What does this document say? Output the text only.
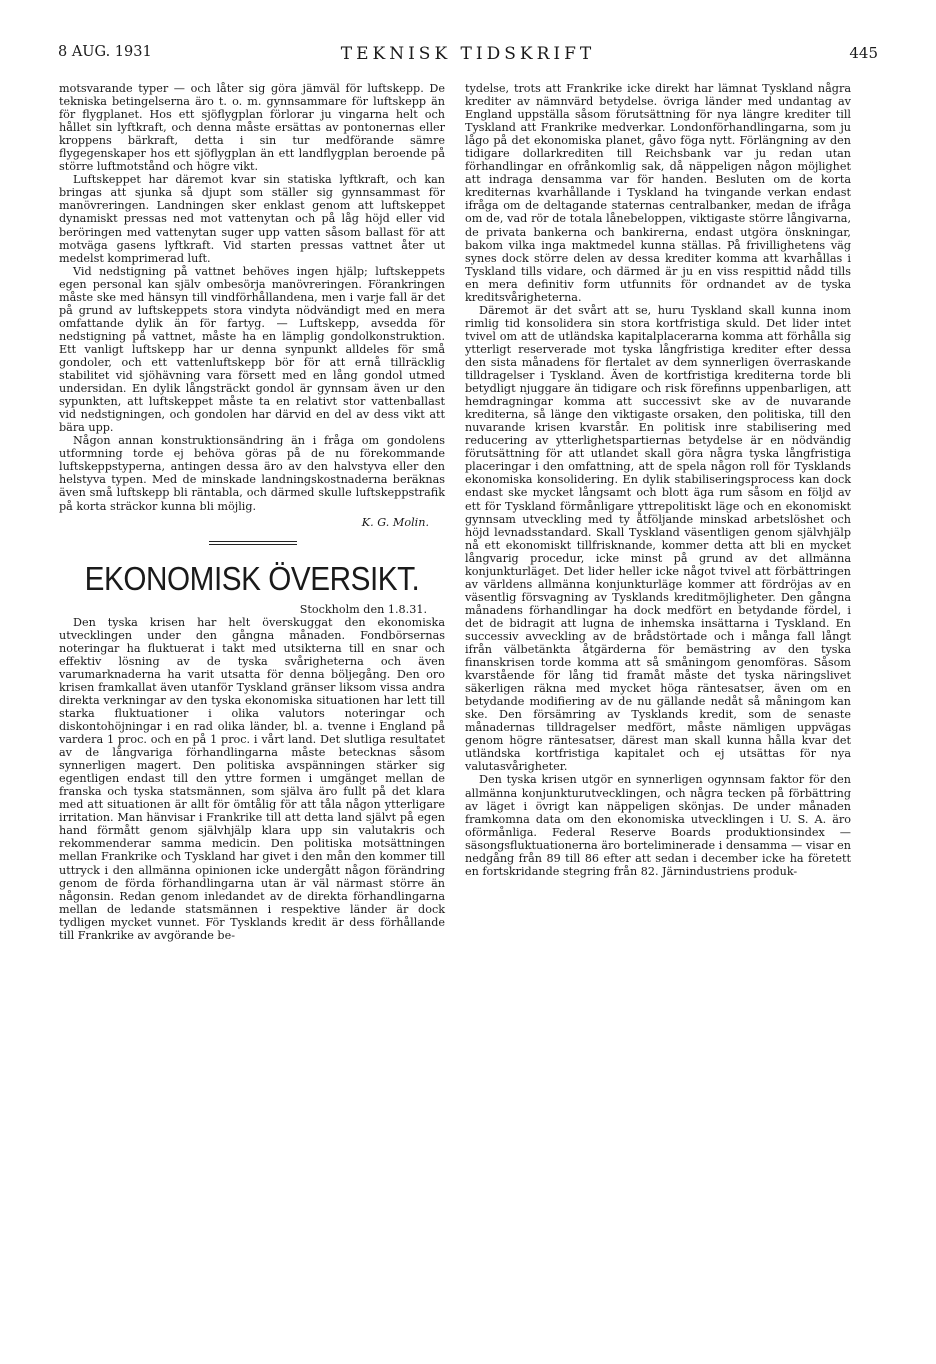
8 AUG. 1931	TEKNISK TIDSKRIFT	445

motsvarande typer — och låter sig göra jämväl för luftskepp. De tekniska betingelserna äro t. o. m. gynnsammare för luftskepp än för flygplanet. Hos ett sjöflygplan förlorar ju vingarna helt och hållet sin lyftkraft, och denna måste ersättas av pontonernas eller kroppens bärkraft, detta i sin tur medförande sämre flygegenskaper hos ett sjöflygplan än ett landflygplan beroende på större luftmotstånd och högre vikt.

Luftskeppet har däremot kvar sin statiska lyftkraft, och kan bringas att sjunka så djupt som ställer sig gynnsammast för manövreringen. Landningen sker enklast genom att luftskeppet dynamiskt pressas ned mot vattenytan och på låg höjd eller vid beröringen med vattenytan suger upp vatten såsom ballast för att motväga gasens lyftkraft. Vid starten pressas vattnet åter ut medelst komprimerad luft.

Vid nedstigning på vattnet behöves ingen hjälp; luftskeppets egen personal kan själv ombesörja manövreringen. Förankringen måste ske med hänsyn till vindförhållandena, men i varje fall är det på grund av luftskeppets stora vindyta nödvändigt med en mera omfattande dylik än för fartyg. — Luftskepp, avsedda för nedstigning på vattnet, måste ha en lämplig gondolkonstruktion. Ett vanligt luftskepp har ur denna synpunkt alldeles för små gondoler, och ett vattenluftskepp bör för att ernå tillräcklig stabilitet vid sjöhävning vara försett med en lång gondol utmed undersidan. En dylik långsträckt gondol är gynnsam även ur den sypunkten, att luftskeppet måste ta en relativt stor vattenballast vid nedstigningen, och gondolen har därvid en del av dess vikt att bära upp.

Någon annan konstruktionsändring än i fråga om gondolens utformning torde ej behöva göras på de nu förekommande luftskeppstyperna, antingen dessa äro av den halvstyva eller den helstyva typen. Med de minskade landningskostnaderna beräknas även små luftskepp bli räntabla, och därmed skulle luftskeppstrafik på korta sträckor kunna bli möjlig.

K. G. Molin.
EKONOMISK ÖVERSIKT.
Stockholm den 1.8.31.

Den tyska krisen har helt överskuggat den ekonomiska utvecklingen under den gångna månaden. Fondbörsernas noteringar ha fluktuerat i takt med utsikterna till en snar och effektiv lösning av de tyska svårigheterna och även varumarknaderna ha varit utsatta för denna böljegång. Den oro krisen framkallat även utanför Tyskland gränser liksom vissa andra direkta verkningar av den tyska ekonomiska situationen har lett till starka fluktuationer i olika valutors noteringar och diskontohöjningar i en rad olika länder, bl. a. tvenne i England på vardera 1 proc. och en på 1 proc. i vårt land. Det slutliga resultatet av de långvariga förhandlingarna måste betecknas såsom synnerligen magert. Den politiska avspänningen stärker sig egentligen endast till den yttre formen i umgänget mellan de franska och tyska statsmännen, som själva äro fullt på det klara med att situationen är allt för ömtålig för att tåla någon ytterligare irritation. Man hänvisar i Frankrike till att detta land självt på egen hand förmått genom självhjälp klara upp sin valutakris och rekommenderar samma medicin. Den politiska motsättningen mellan Frankrike och Tyskland har givet i den mån den kommer till uttryck i den allmänna opinionen icke undergått någon förändring genom de förda förhandlingarna utan är väl närmast större än någonsin. Redan genom inledandet av de direkta förhandlingarna mellan de ledande statsmännen i respektive länder är dock tydligen mycket vunnet. För Tysklands kredit är dess förhållande till Frankrike av avgörande be-

tydelse, trots att Frankrike icke direkt har lämnat Tyskland några krediter av nämnvärd betydelse. övriga länder med undantag av England uppställa såsom förutsättning för nya längre krediter till Tyskland att Frankrike medverkar. Londonförhandlingarna, som ju lågo på det ekonomiska planet, gåvo föga nytt. Förlängning av den tidigare dollarkrediten till Reichsbank var ju redan utan förhandlingar en ofrånkomlig sak, då näppeligen någon möjlighet att indraga densamma var för handen. Besluten om de korta krediternas kvarhållande i Tyskland ha tvingande verkan endast ifråga om de deltagande staternas centralbanker, medan de ifråga om de, vad rör de totala lånebeloppen, viktigaste större långivarna, de privata bankerna och bankirerna, endast utgöra önskningar, bakom vilka inga maktmedel kunna ställas. På frivillighetens väg synes dock större delen av dessa krediter komma att kvarhållas i Tyskland tills vidare, och därmed är ju en viss respittid nådd tills en mera definitiv form utfunnits för ordnandet av de tyska kreditsvårigheterna.

Däremot är det svårt att se, huru Tyskland skall kunna inom rimlig tid konsolidera sin stora kortfristiga skuld. Det lider intet tvivel om att de utländska kapitalplacerarna komma att förhålla sig ytterligt reserverade mot tyska långfristiga krediter efter dessa den sista månadens för flertalet av dem synnerligen överraskande tilldragelser i Tyskland. Även de kortfristiga krediterna torde bli betydligt njuggare än tidigare och risk förefinns uppenbarligen, att hemdragningar komma att successivt ske av de nuvarande krediterna, så länge den viktigaste orsaken, den politiska, till den nuvarande krisen kvarstår. En politisk inre stabilisering med reducering av ytterlighetspartiernas betydelse är en nödvändig förutsättning för att utlandet skall göra några tyska långfristiga placeringar i den omfattning, att de spela någon roll för Tysklands ekonomiska konsolidering. En dylik stabiliseringsprocess kan dock endast ske mycket långsamt och blott äga rum såsom en följd av ett för Tyskland förmånligare yttrepolitiskt läge och en ekonomiskt gynnsam utveckling med ty åtföljande minskad arbetslöshet och höjd levnadsstandard. Skall Tyskland väsentligen genom självhjälp nå ett ekonomiskt tillfrisknande, kommer detta att bli en mycket långvarig procedur, icke minst på grund av det allmänna konjunkturläget. Det lider heller icke något tvivel att förbättringen av världens allmänna konjunkturläge kommer att fördröjas av en väsentlig försvagning av Tysklands kreditmöjligheter. Den gångna månadens förhandlingar ha dock medfört en betydande fördel, i det de bidragit att lugna de inhemska insättarna i Tyskland. En successiv avveckling av de brådstörtade och i många fall långt ifrån välbetänkta åtgärderna för bemästring av den tyska finanskrisen torde komma att så småningom genomföras. Såsom kvarstående för lång tid framåt måste det tyska näringslivet säkerligen räkna med mycket höga räntesatser, även om en betydande modifiering av de nu gällande nedåt så måningom kan ske. Den försämring av Tysklands kredit, som de senaste månadernas tilldragelser medfört, måste nämligen uppvägas genom högre räntesatser, därest man skall kunna hålla kvar det utländska kortfristiga kapitalet och ej utsättas för nya valutasvårigheter.

Den tyska krisen utgör en synnerligen ogynnsam faktor för den allmänna konjunkturutvecklingen, och några tecken på förbättring av läget i övrigt kan näppeligen skönjas. De under månaden framkomna data om den ekonomiska utvecklingen i U. S. A. äro oförmånliga. Federal Reserve Boards produktionsindex — säsongsfluktuationerna äro borteliminerade i densamma — visar en nedgång från 89 till 86 efter att sedan i december icke ha företett en fortskridande stegring från 82. Järnindustriens produk-
